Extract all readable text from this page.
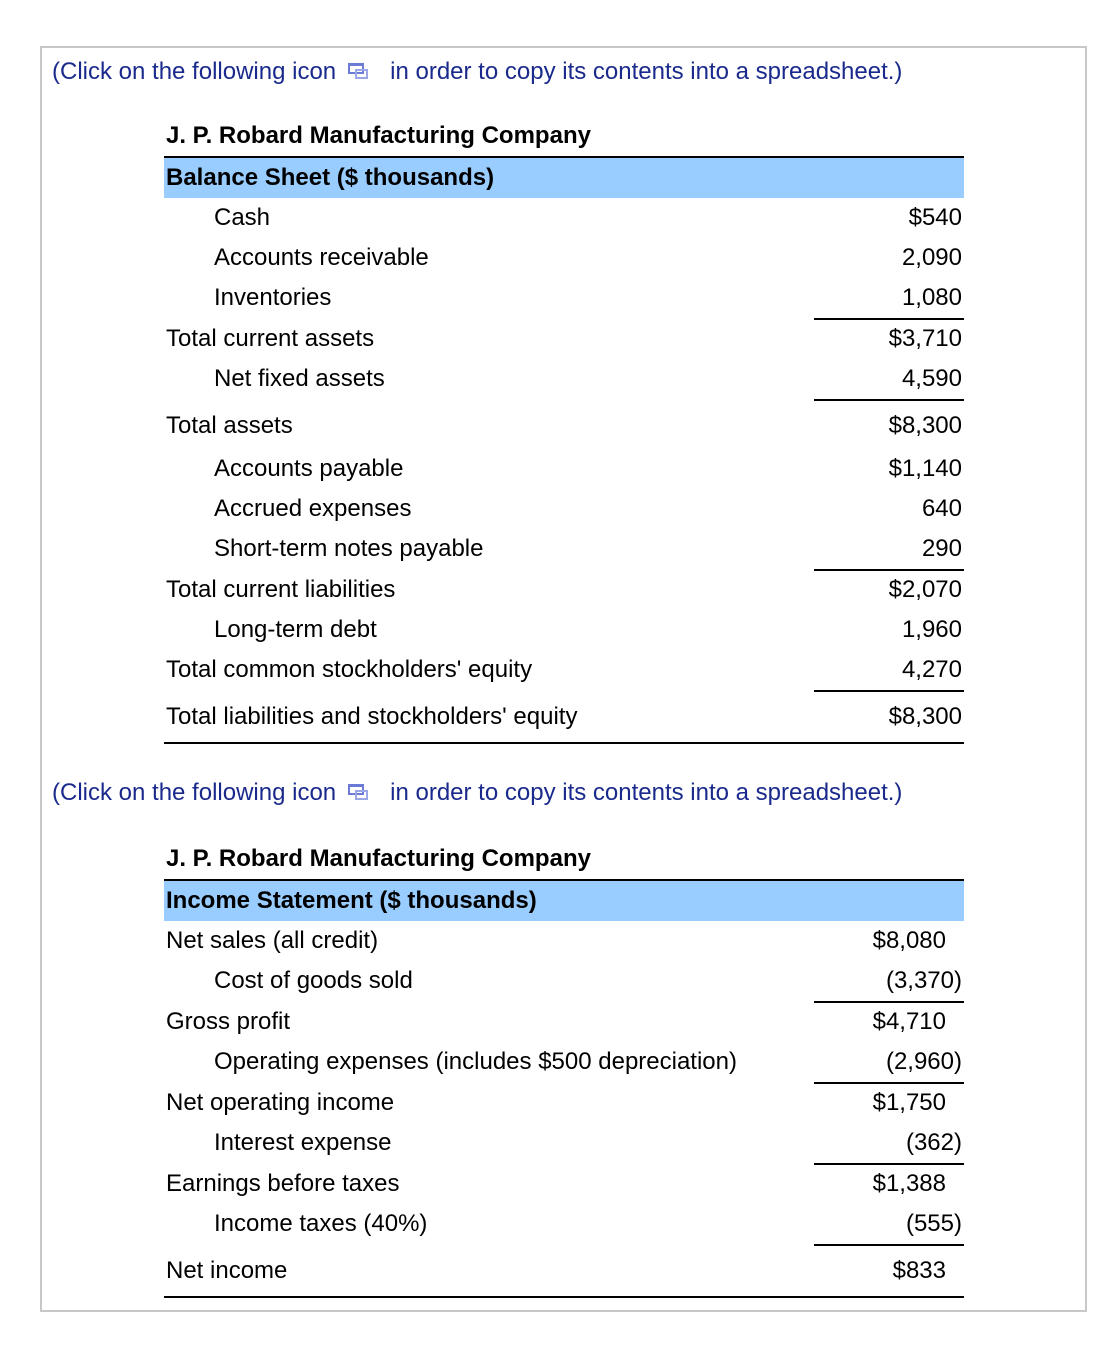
(Click on the following icon in order to copy its contents into a spreadsheet.)
J. P. Robard Manufacturing Company
Balance Sheet ($ thousands)
Cash	$540
Accounts receivable	2,090
Inventories	1,080
Total current assets	$3,710
Net fixed assets	4,590
Total assets	$8,300
Accounts payable	$1,140
Accrued expenses	640
Short-term notes payable	290
Total current liabilities	$2,070
Long-term debt	1,960
Total common stockholders' equity	4,270
Total liabilities and stockholders' equity	$8,300
(Click on the following icon in order to copy its contents into a spreadsheet.)
J. P. Robard Manufacturing Company
Income Statement ($ thousands)
Net sales (all credit)	$8,080
Cost of goods sold	(3,370)
Gross profit	$4,710
Operating expenses (includes $500 depreciation)	(2,960)
Net operating income	$1,750
Interest expense	(362)
Earnings before taxes	$1,388
Income taxes (40%)	(555)
Net income	$833
